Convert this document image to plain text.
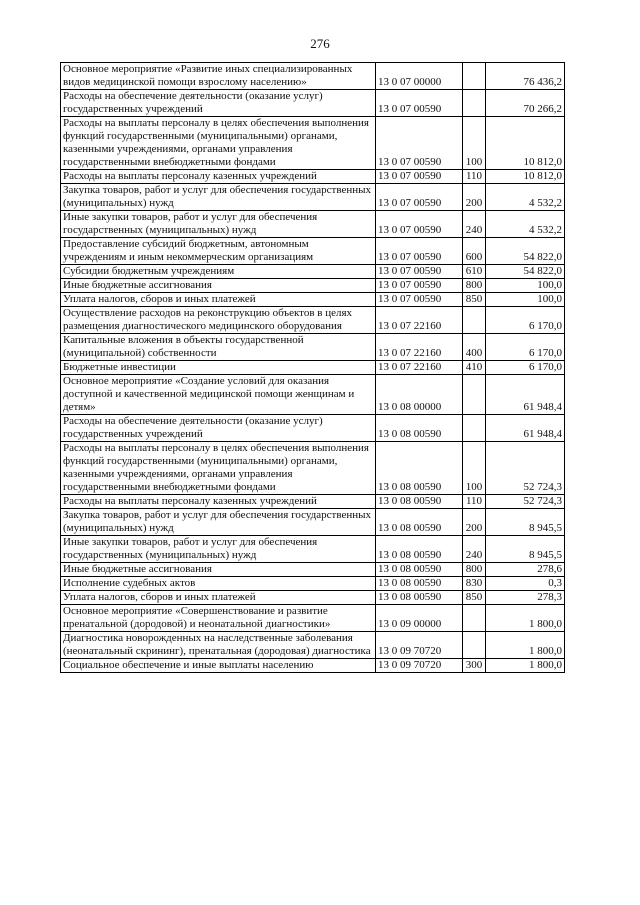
276
Основное мероприятие «Развитие иных специализированных видов медицинской помощи взрослому населению»	13 0 07 00000		76 436,2
Расходы на обеспечение деятельности (оказание услуг) государственных учреждений	13 0 07 00590		70 266,2
Расходы на выплаты персоналу в целях обеспечения выполнения функций государственными (муниципальными) органами, казенными учреждениями, органами управления государственными внебюджетными фондами	13 0 07 00590	100	10 812,0
Расходы на выплаты персоналу казенных учреждений	13 0 07 00590	110	10 812,0
Закупка товаров, работ и услуг для обеспечения государственных (муниципальных) нужд	13 0 07 00590	200	4 532,2
Иные закупки товаров, работ и услуг для обеспечения государственных (муниципальных) нужд	13 0 07 00590	240	4 532,2
Предоставление субсидий бюджетным, автономным учреждениям и иным некоммерческим организациям	13 0 07 00590	600	54 822,0
Субсидии бюджетным учреждениям	13 0 07 00590	610	54 822,0
Иные бюджетные ассигнования	13 0 07 00590	800	100,0
Уплата налогов, сборов и иных платежей	13 0 07 00590	850	100,0
Осуществление расходов на реконструкцию объектов в целях размещения диагностического медицинского оборудования	13 0 07 22160		6 170,0
Капитальные вложения в объекты государственной (муниципальной) собственности	13 0 07 22160	400	6 170,0
Бюджетные инвестиции	13 0 07 22160	410	6 170,0
Основное мероприятие «Создание условий для оказания доступной и качественной медицинской помощи женщинам и детям»	13 0 08 00000		61 948,4
Расходы на обеспечение деятельности (оказание услуг) государственных учреждений	13 0 08 00590		61 948,4
Расходы на выплаты персоналу в целях обеспечения выполнения функций государственными (муниципальными) органами, казенными учреждениями, органами управления государственными внебюджетными фондами	13 0 08 00590	100	52 724,3
Расходы на выплаты персоналу казенных учреждений	13 0 08 00590	110	52 724,3
Закупка товаров, работ и услуг для обеспечения государственных (муниципальных) нужд	13 0 08 00590	200	8 945,5
Иные закупки товаров, работ и услуг для обеспечения государственных (муниципальных) нужд	13 0 08 00590	240	8 945,5
Иные бюджетные ассигнования	13 0 08 00590	800	278,6
Исполнение судебных актов	13 0 08 00590	830	0,3
Уплата налогов, сборов и иных платежей	13 0 08 00590	850	278,3
Основное мероприятие «Совершенствование и развитие пренатальной (дородовой) и неонатальной диагностики»	13 0 09 00000		1 800,0
Диагностика новорожденных на наследственные заболевания (неонатальный скрининг), пренатальная (дородовая) диагностика	13 0 09 70720		1 800,0
Социальное обеспечение и иные выплаты населению	13 0 09 70720	300	1 800,0
